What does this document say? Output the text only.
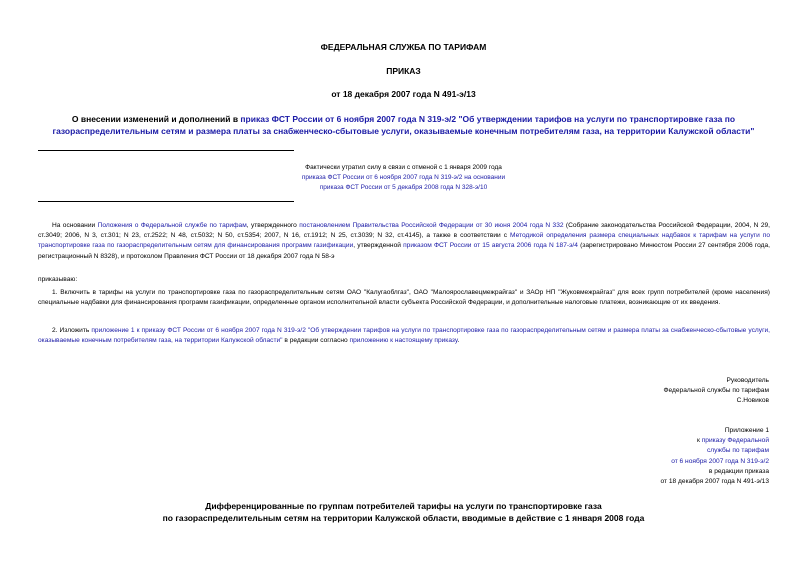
ФЕДЕРАЛЬНАЯ СЛУЖБА ПО ТАРИФАМ
ПРИКАЗ
от 18 декабря 2007 года N 491-э/13
О внесении изменений и дополнений в приказ ФСТ России от 6 ноября 2007 года N 319-э/2 "Об утверждении тарифов на услуги по транспортировке газа по газораспределительным сетям и размера платы за снабженческо-сбытовые услуги, оказываемые конечным потребителям газа, на территории Калужской области"
Фактически утратил силу в связи с отменой с 1 января 2009 года
приказа ФСТ России от 6 ноября 2007 года N 319-э/2 на основании
приказа ФСТ России от 5 декабря 2008 года N 328-э/10
На основании Положения о Федеральной службе по тарифам, утвержденного постановлением Правительства Российской Федерации от 30 июня 2004 года N 332 (Собрание законодательства Российской Федерации, 2004, N 29, ст.3049; 2006, N 3, ст.301; N 23, ст.2522; N 48, ст.5032; N 50, ст.5354; 2007, N 16, ст.1912; N 25, ст.3039; N 32, ст.4145), а также в соответствии с Методикой определения размера специальных надбавок к тарифам на услуги по транспортировке газа по газораспределительным сетям для финансирования программ газификации, утвержденной приказом ФСТ России от 15 августа 2006 года N 187-э/4 (зарегистрировано Минюстом России 27 сентября 2006 года, регистрационный N 8328), и протоколом Правления ФСТ России от 18 декабря 2007 года N 58-э
приказываю:
1. Включить в тарифы на услуги по транспортировке газа по газораспределительным сетям ОАО "Калугаоблгаз", ОАО "Малоярославецмежрайгаз" и ЗАОр НП "Жуковмежрайгаз" для всех групп потребителей (кроме населения) специальные надбавки для финансирования программ газификации, определенные органом исполнительной власти субъекта Российской Федерации, и дополнительные налоговые платежи, возникающие от их введения.
2. Изложить приложение 1 к приказу ФСТ России от 6 ноября 2007 года N 319-э/2 "Об утверждении тарифов на услуги по транспортировке газа по газораспределительным сетям и размера платы за снабженческо-сбытовые услуги, оказываемые конечным потребителям газа, на территории Калужской области" в редакции согласно приложению к настоящему приказу.
Руководитель
Федеральной службы по тарифам
С.Новиков
Приложение 1
к приказу Федеральной
службы по тарифам
от 6 ноября 2007 года N 319-э/2
в редакции приказа
от 18 декабря 2007 года N 491-э/13
Дифференцированные по группам потребителей тарифы на услуги по транспортировке газа
по газораспределительным сетям на территории Калужской области, вводимые в действие с 1 января 2008 года
